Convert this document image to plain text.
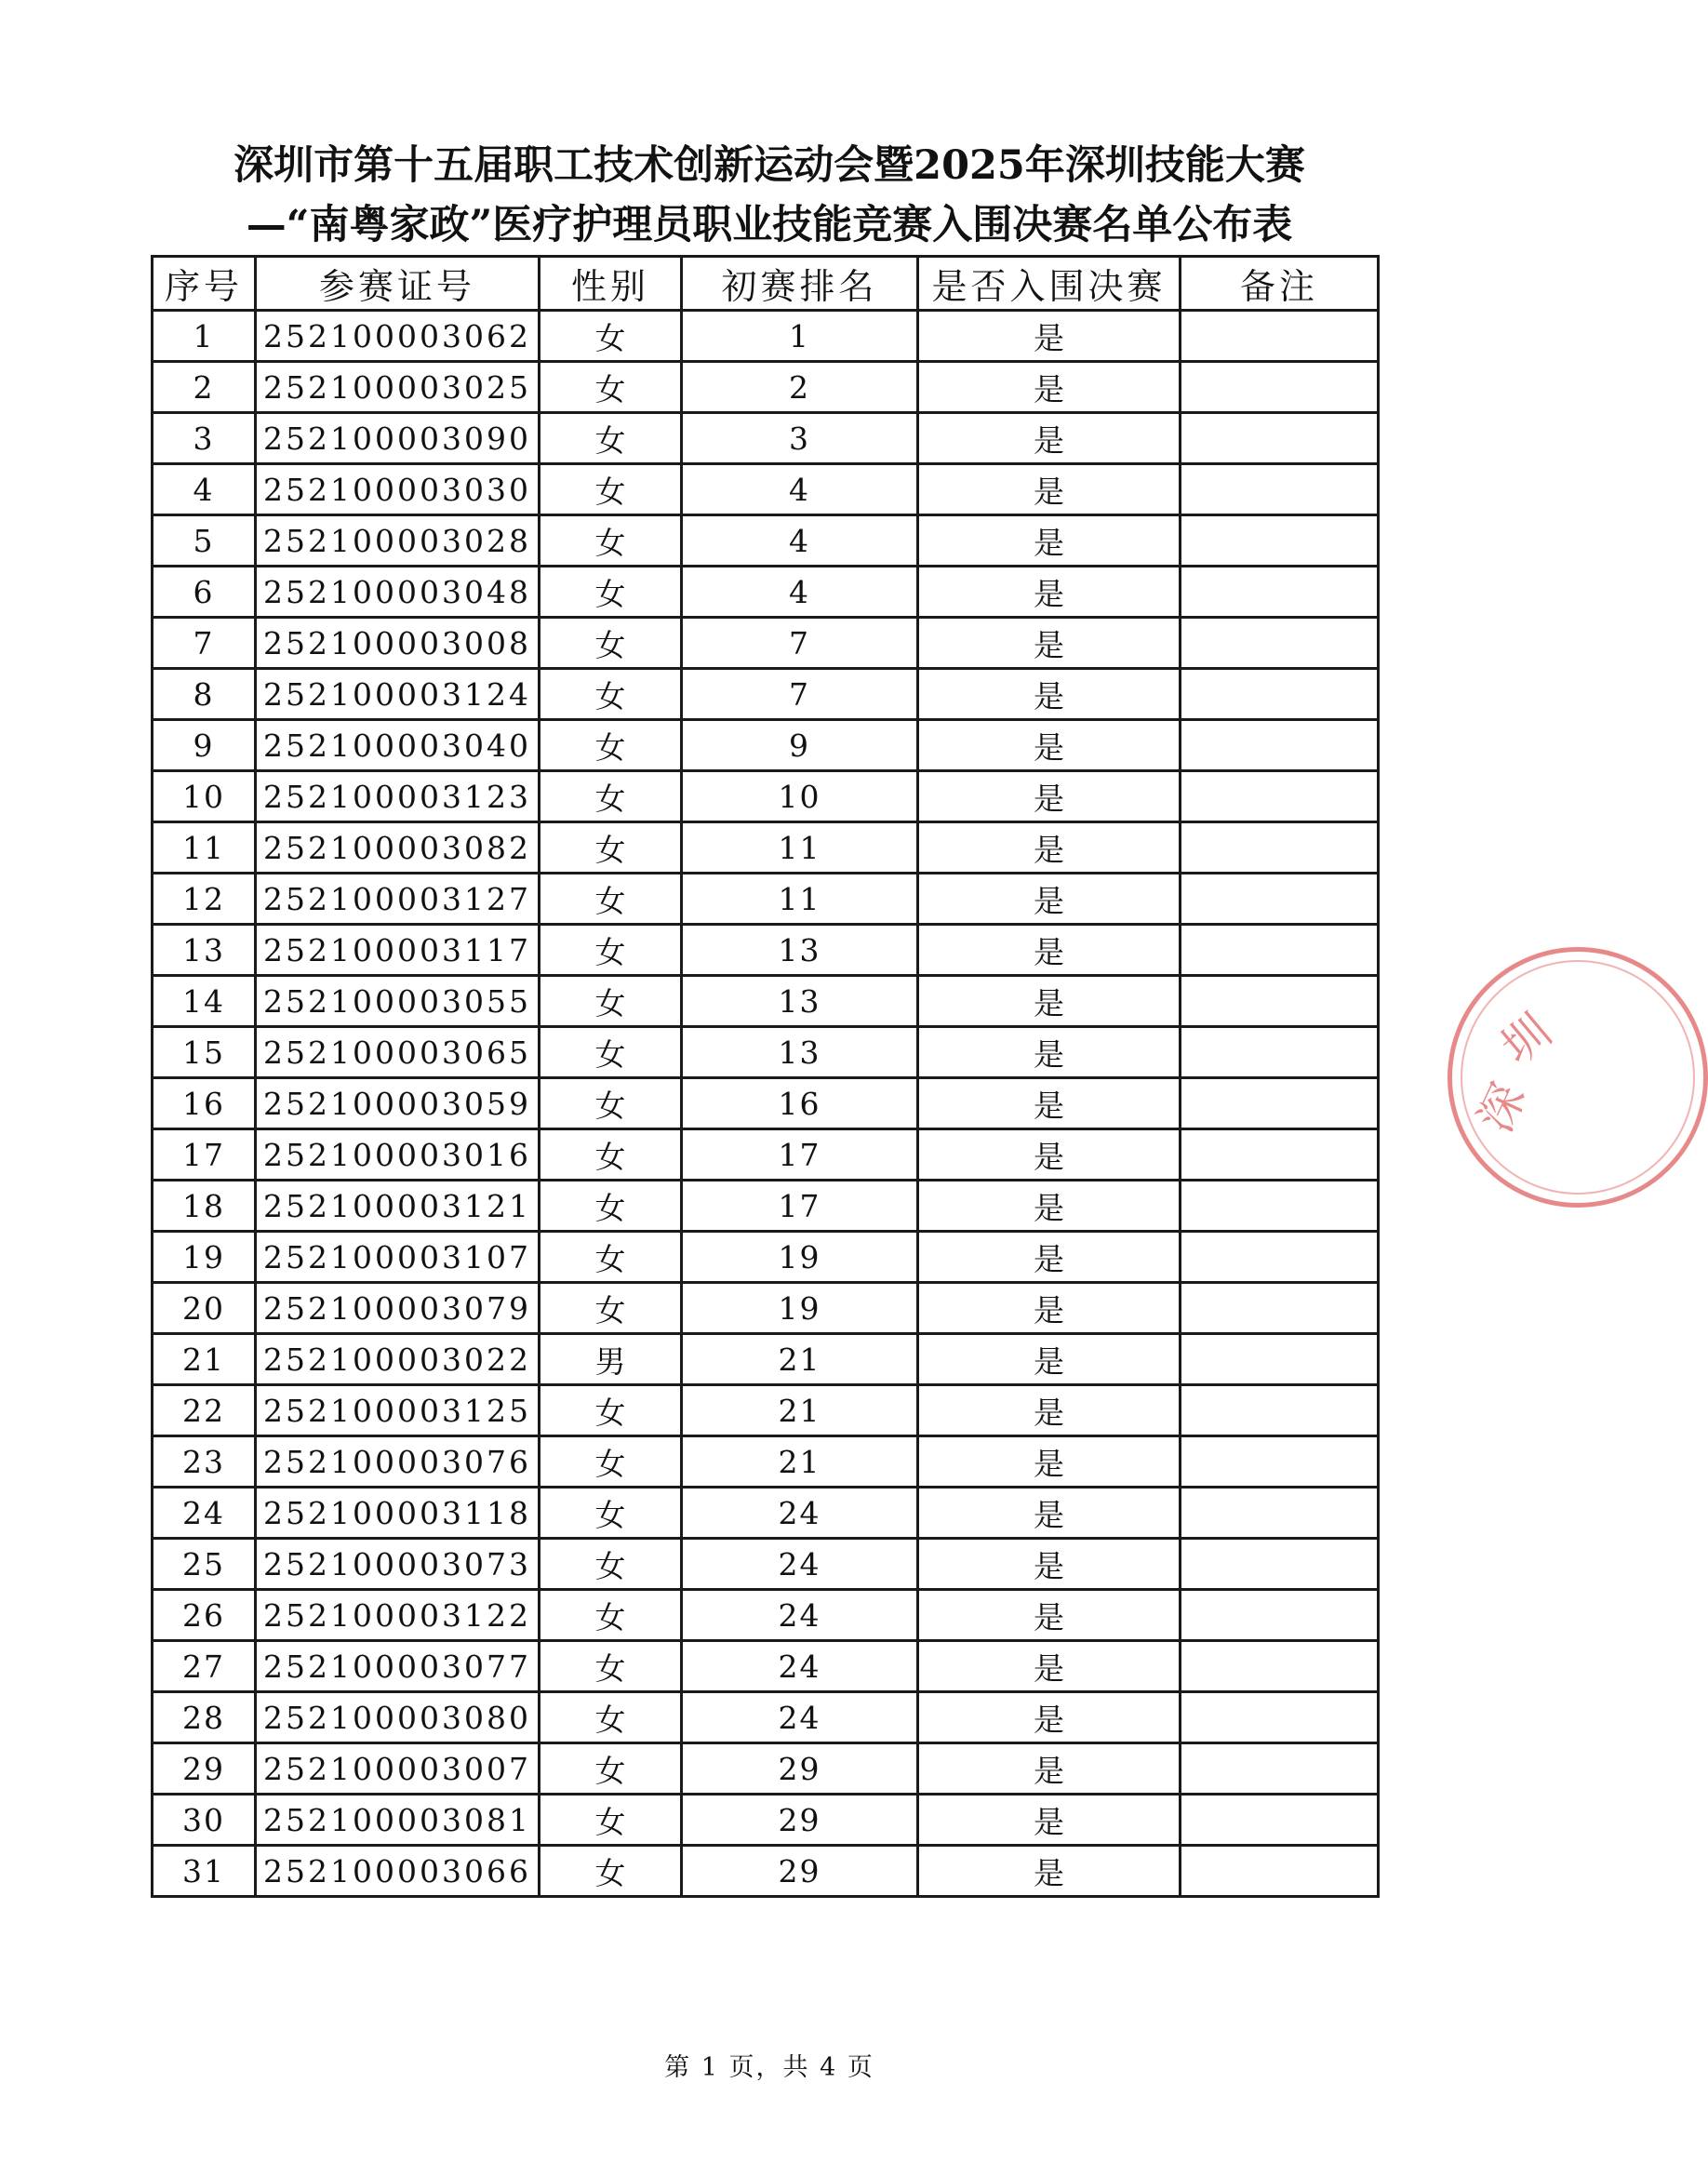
深圳市第十五届职工技术创新运动会暨2025年深圳技能大赛
—“南粤家政”医疗护理员职业技能竞赛入围决赛名单公布表
序号	参赛证号	性别	初赛排名	是否入围决赛	备注
1	252100003062	女	1	是	
2	252100003025	女	2	是	
3	252100003090	女	3	是	
4	252100003030	女	4	是	
5	252100003028	女	4	是	
6	252100003048	女	4	是	
7	252100003008	女	7	是	
8	252100003124	女	7	是	
9	252100003040	女	9	是	
10	252100003123	女	10	是	
11	252100003082	女	11	是	
12	252100003127	女	11	是	
13	252100003117	女	13	是	
14	252100003055	女	13	是	
15	252100003065	女	13	是	
16	252100003059	女	16	是	
17	252100003016	女	17	是	
18	252100003121	女	17	是	
19	252100003107	女	19	是	
20	252100003079	女	19	是	
21	252100003022	男	21	是	
22	252100003125	女	21	是	
23	252100003076	女	21	是	
24	252100003118	女	24	是	
25	252100003073	女	24	是	
26	252100003122	女	24	是	
27	252100003077	女	24	是	
28	252100003080	女	24	是	
29	252100003007	女	29	是	
30	252100003081	女	29	是	
31	252100003066	女	29	是	
深
圳
第 1 页，共 4 页
